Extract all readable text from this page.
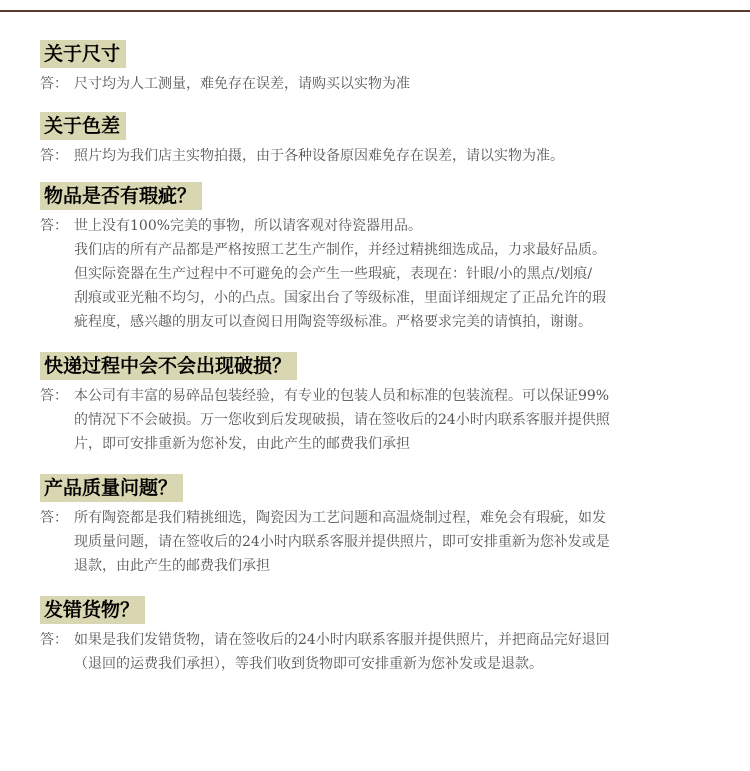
关于尺寸
答： 尺寸均为人工测量，难免存在误差，请购买以实物为准
关于色差
答： 照片均为我们店主实物拍摄，由于各种设备原因难免存在误差，请以实物为准。
物品是否有瑕疵？
答： 世上没有100%完美的事物，所以请客观对待瓷器用品。
我们店的所有产品都是严格按照工艺生产制作，并经过精挑细选成品，力求最好品质。
但实际瓷器在生产过程中不可避免的会产生一些瑕疵，表现在：针眼/小的黑点/划痕/
刮痕或亚光釉不均匀，小的凸点。国家出台了等级标准，里面详细规定了正品允许的瑕
疵程度，感兴趣的朋友可以查阅日用陶瓷等级标准。严格要求完美的请慎拍，谢谢。
快递过程中会不会出现破损？
答： 本公司有丰富的易碎品包装经验，有专业的包装人员和标准的包装流程。可以保证99%
的情况下不会破损。万一您收到后发现破损，请在签收后的24小时内联系客服并提供照
片，即可安排重新为您补发，由此产生的邮费我们承担
产品质量问题？
答： 所有陶瓷都是我们精挑细选，陶瓷因为工艺问题和高温烧制过程，难免会有瑕疵，如发
现质量问题，请在签收后的24小时内联系客服并提供照片，即可安排重新为您补发或是
退款，由此产生的邮费我们承担
发错货物？
答： 如果是我们发错货物，请在签收后的24小时内联系客服并提供照片，并把商品完好退回
（退回的运费我们承担），等我们收到货物即可安排重新为您补发或是退款。
